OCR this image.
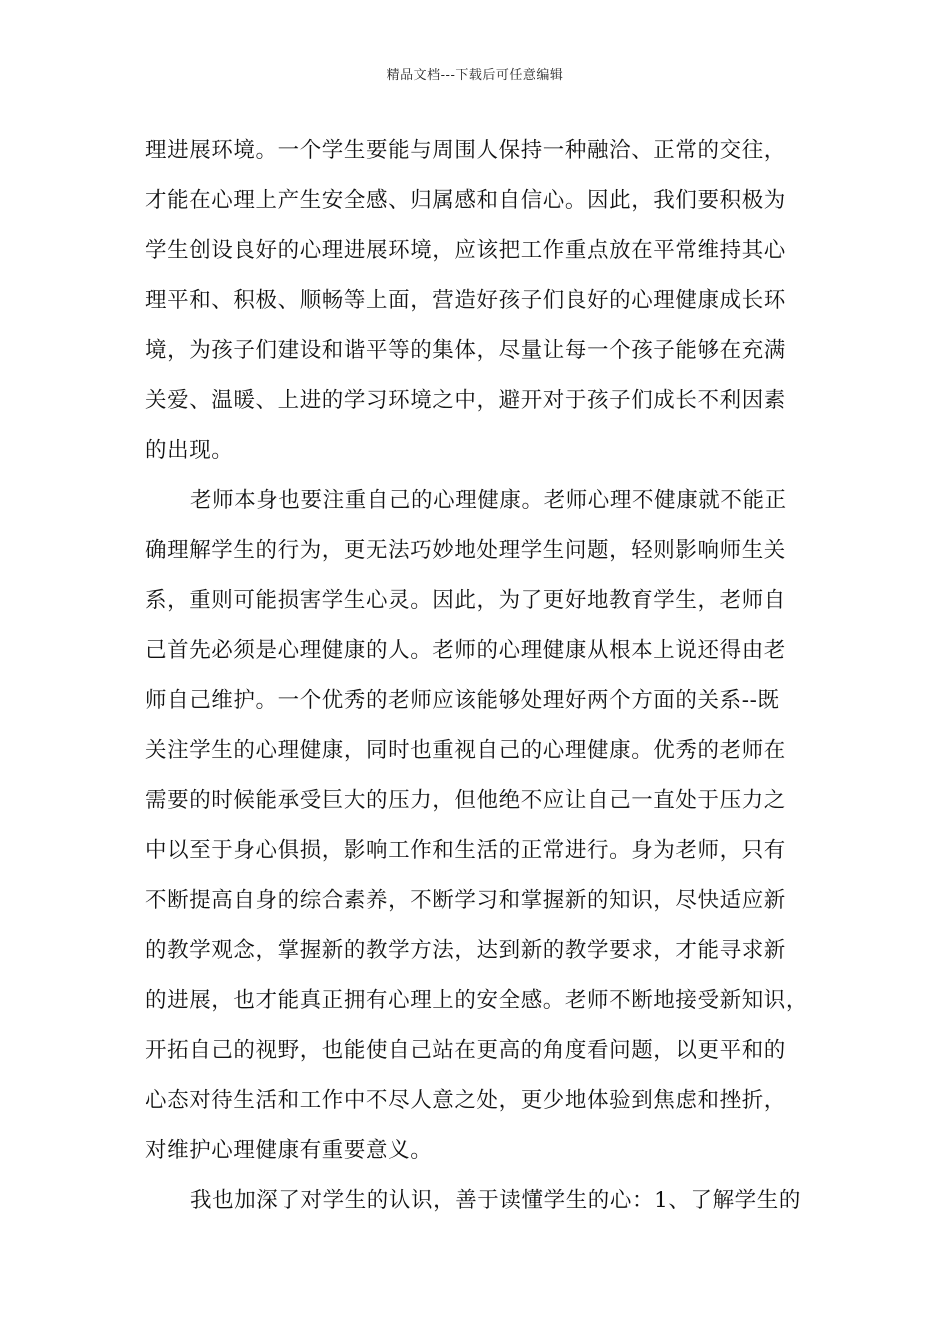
精品文档---下载后可任意编辑
理进展环境。一个学生要能与周围人保持一种融洽、正常的交往，
才能在心理上产生安全感、归属感和自信心。因此，我们要积极为
学生创设良好的心理进展环境，应该把工作重点放在平常维持其心
理平和、积极、顺畅等上面，营造好孩子们良好的心理健康成长环
境，为孩子们建设和谐平等的集体，尽量让每一个孩子能够在充满
关爱、温暖、上进的学习环境之中，避开对于孩子们成长不利因素
的出现。
老师本身也要注重自己的心理健康。老师心理不健康就不能正
确理解学生的行为，更无法巧妙地处理学生问题，轻则影响师生关
系，重则可能损害学生心灵。因此，为了更好地教育学生，老师自
己首先必须是心理健康的人。老师的心理健康从根本上说还得由老
师自己维护。一个优秀的老师应该能够处理好两个方面的关系--既
关注学生的心理健康，同时也重视自己的心理健康。优秀的老师在
需要的时候能承受巨大的压力，但他绝不应让自己一直处于压力之
中以至于身心俱损，影响工作和生活的正常进行。身为老师，只有
不断提高自身的综合素养，不断学习和掌握新的知识，尽快适应新
的教学观念，掌握新的教学方法，达到新的教学要求，才能寻求新
的进展，也才能真正拥有心理上的安全感。老师不断地接受新知识，
开拓自己的视野，也能使自己站在更高的角度看问题，以更平和的
心态对待生活和工作中不尽人意之处，更少地体验到焦虑和挫折，
对维护心理健康有重要意义。
我也加深了对学生的认识，善于读懂学生的心：1、了解学生的
